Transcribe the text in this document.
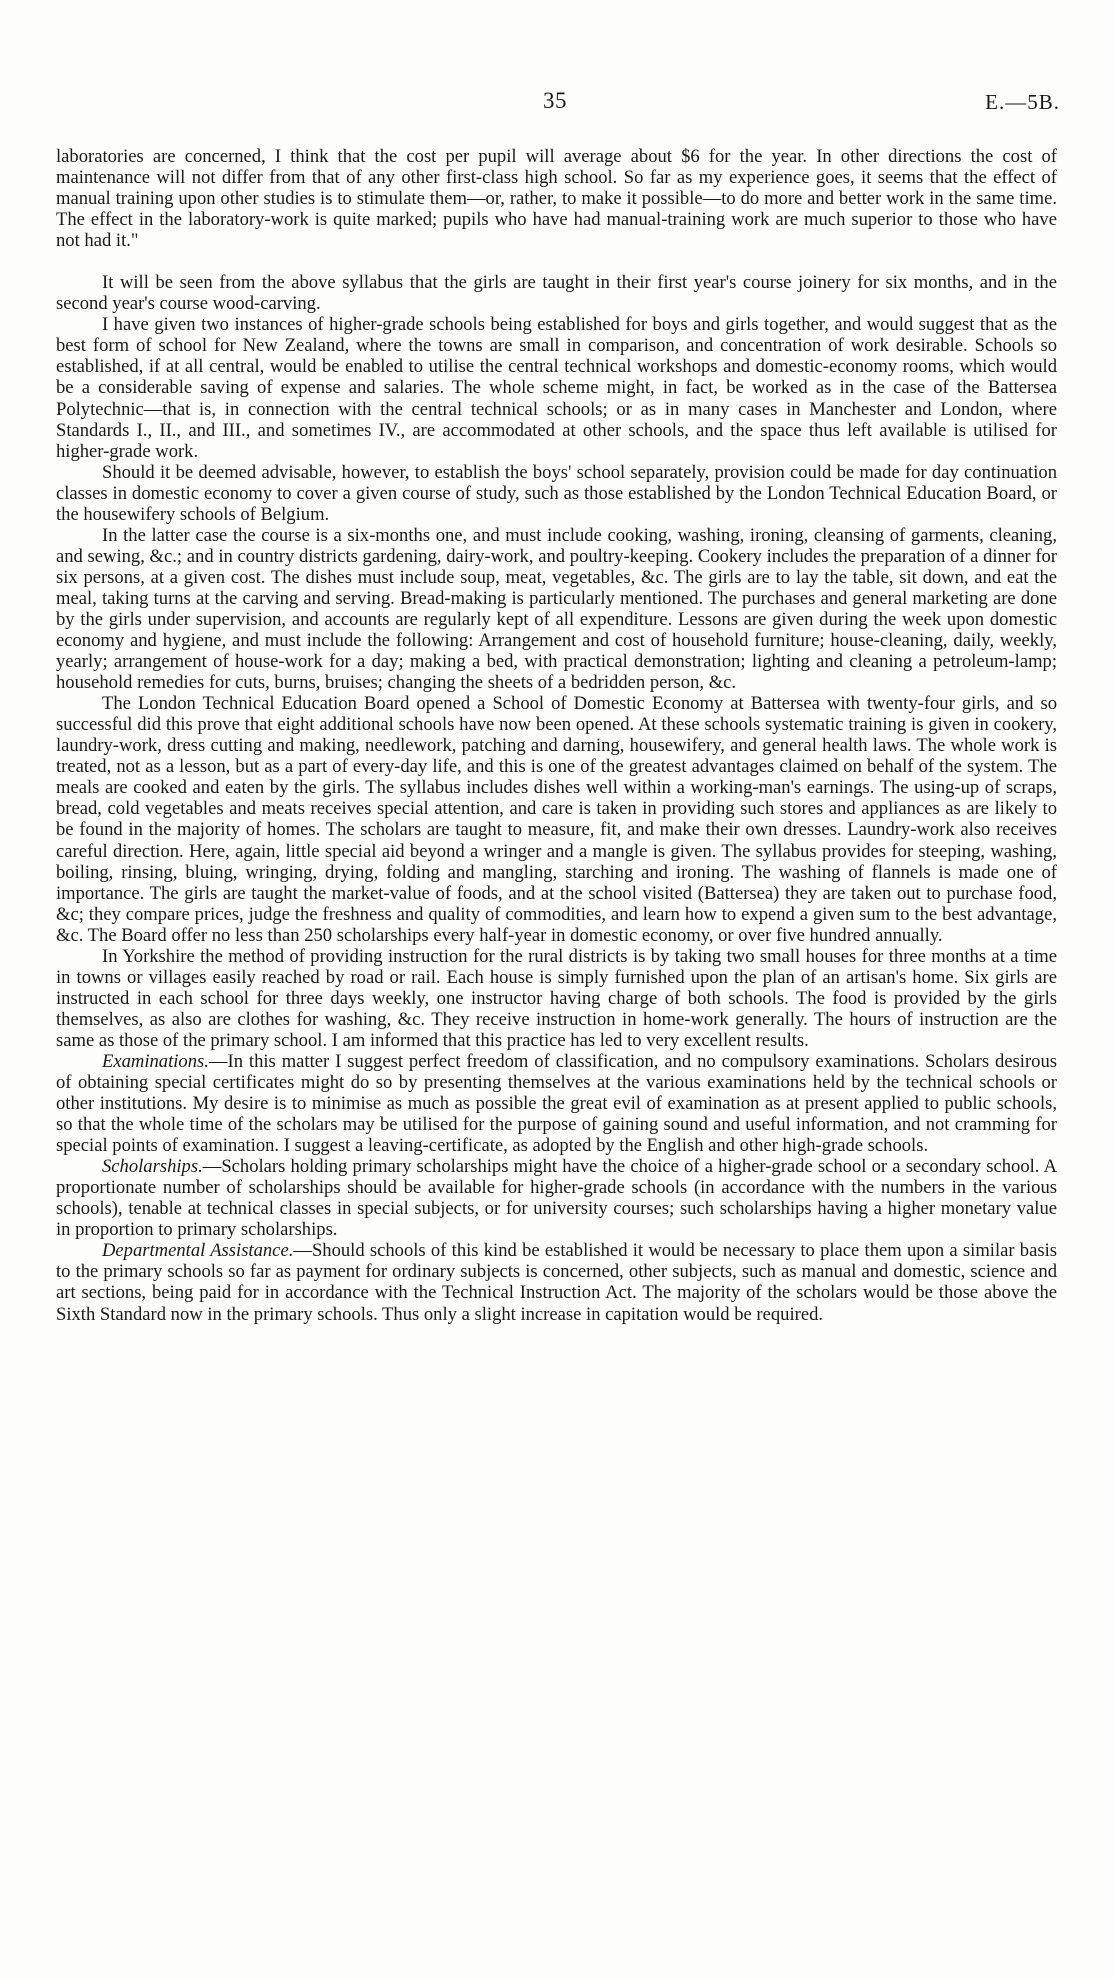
35	E.—5B.

laboratories are concerned, I think that the cost per pupil will average about $6 for the year. In other directions the cost of maintenance will not differ from that of any other first-class high school. So far as my experience goes, it seems that the effect of manual training upon other studies is to stimulate them—or, rather, to make it possible—to do more and better work in the same time. The effect in the laboratory-work is quite marked; pupils who have had manual-training work are much superior to those who have not had it."

It will be seen from the above syllabus that the girls are taught in their first year's course joinery for six months, and in the second year's course wood-carving.

I have given two instances of higher-grade schools being established for boys and girls together, and would suggest that as the best form of school for New Zealand, where the towns are small in comparison, and concentration of work desirable. Schools so established, if at all central, would be enabled to utilise the central technical workshops and domestic-economy rooms, which would be a considerable saving of expense and salaries. The whole scheme might, in fact, be worked as in the case of the Battersea Polytechnic—that is, in connection with the central technical schools; or as in many cases in Manchester and London, where Standards I., II., and III., and sometimes IV., are accommodated at other schools, and the space thus left available is utilised for higher-grade work.

Should it be deemed advisable, however, to establish the boys' school separately, provision could be made for day continuation classes in domestic economy to cover a given course of study, such as those established by the London Technical Education Board, or the housewifery schools of Belgium.

In the latter case the course is a six-months one, and must include cooking, washing, ironing, cleansing of garments, cleaning, and sewing, &c.; and in country districts gardening, dairy-work, and poultry-keeping. Cookery includes the preparation of a dinner for six persons, at a given cost. The dishes must include soup, meat, vegetables, &c. The girls are to lay the table, sit down, and eat the meal, taking turns at the carving and serving. Bread-making is particularly mentioned. The purchases and general marketing are done by the girls under supervision, and accounts are regularly kept of all expenditure. Lessons are given during the week upon domestic economy and hygiene, and must include the following: Arrangement and cost of household furniture; house-cleaning, daily, weekly, yearly; arrangement of house-work for a day; making a bed, with practical demonstration; lighting and cleaning a petroleum-lamp; household remedies for cuts, burns, bruises; changing the sheets of a bedridden person, &c.

The London Technical Education Board opened a School of Domestic Economy at Battersea with twenty-four girls, and so successful did this prove that eight additional schools have now been opened. At these schools systematic training is given in cookery, laundry-work, dress cutting and making, needlework, patching and darning, housewifery, and general health laws. The whole work is treated, not as a lesson, but as a part of every-day life, and this is one of the greatest advantages claimed on behalf of the system. The meals are cooked and eaten by the girls. The syllabus includes dishes well within a working-man's earnings. The using-up of scraps, bread, cold vegetables and meats receives special attention, and care is taken in providing such stores and appliances as are likely to be found in the majority of homes. The scholars are taught to measure, fit, and make their own dresses. Laundry-work also receives careful direction. Here, again, little special aid beyond a wringer and a mangle is given. The syllabus provides for steeping, washing, boiling, rinsing, bluing, wringing, drying, folding and mangling, starching and ironing. The washing of flannels is made one of importance. The girls are taught the market-value of foods, and at the school visited (Battersea) they are taken out to purchase food, &c; they compare prices, judge the freshness and quality of commodities, and learn how to expend a given sum to the best advantage, &c. The Board offer no less than 250 scholarships every half-year in domestic economy, or over five hundred annually.

In Yorkshire the method of providing instruction for the rural districts is by taking two small houses for three months at a time in towns or villages easily reached by road or rail. Each house is simply furnished upon the plan of an artisan's home. Six girls are instructed in each school for three days weekly, one instructor having charge of both schools. The food is provided by the girls themselves, as also are clothes for washing, &c. They receive instruction in home-work generally. The hours of instruction are the same as those of the primary school. I am informed that this practice has led to very excellent results.

Examinations.—In this matter I suggest perfect freedom of classification, and no compulsory examinations. Scholars desirous of obtaining special certificates might do so by presenting themselves at the various examinations held by the technical schools or other institutions. My desire is to minimise as much as possible the great evil of examination as at present applied to public schools, so that the whole time of the scholars may be utilised for the purpose of gaining sound and useful information, and not cramming for special points of examination. I suggest a leaving-certificate, as adopted by the English and other high-grade schools.

Scholarships.—Scholars holding primary scholarships might have the choice of a higher-grade school or a secondary school. A proportionate number of scholarships should be available for higher-grade schools (in accordance with the numbers in the various schools), tenable at technical classes in special subjects, or for university courses; such scholarships having a higher monetary value in proportion to primary scholarships.

Departmental Assistance.—Should schools of this kind be established it would be necessary to place them upon a similar basis to the primary schools so far as payment for ordinary subjects is concerned, other subjects, such as manual and domestic, science and art sections, being paid for in accordance with the Technical Instruction Act. The majority of the scholars would be those above the Sixth Standard now in the primary schools. Thus only a slight increase in capitation would be required.
